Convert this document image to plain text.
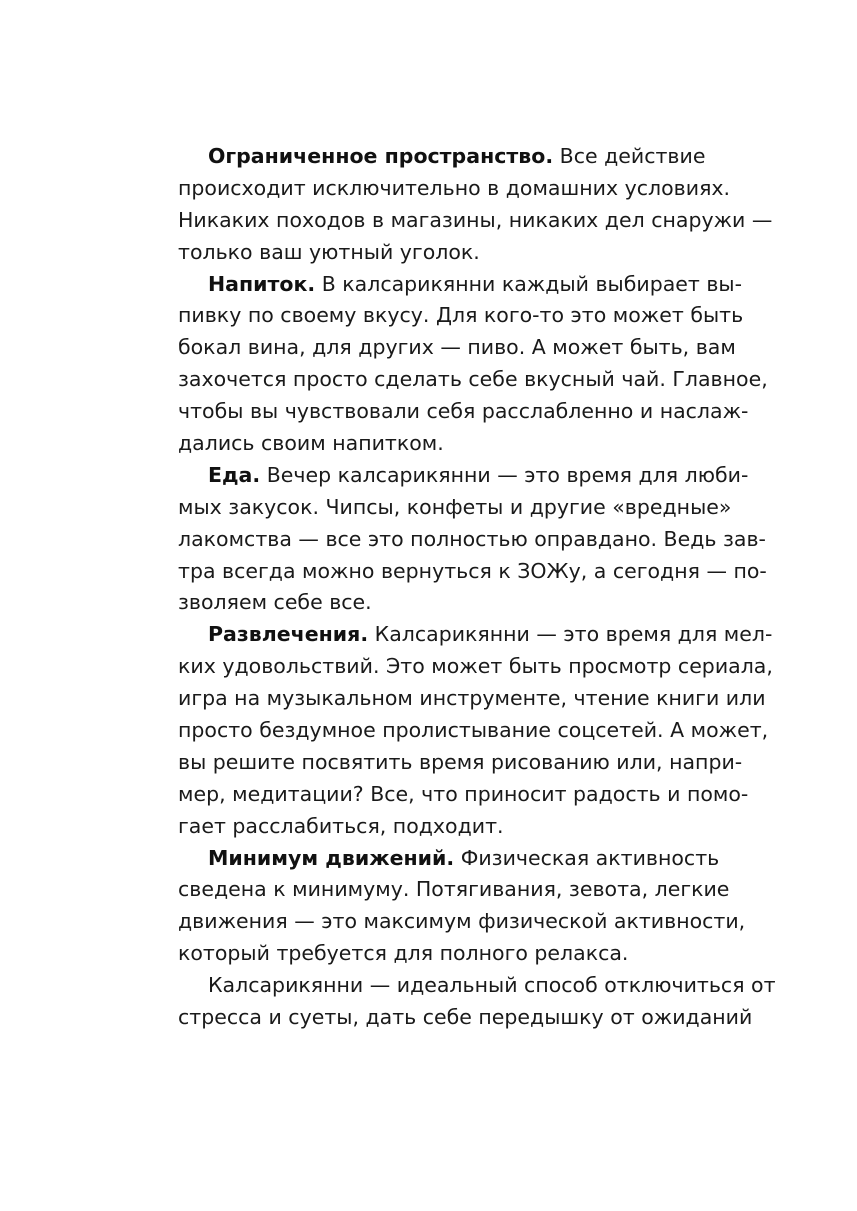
Ограниченное пространство. Все действие
происходит исключительно в домашних условиях.
Никаких походов в магазины, никаких дел снаружи —
только ваш уютный уголок.
Напиток. В калсарикянни каждый выбирает вы-
пивку по своему вкусу. Для кого-то это может быть
бокал вина, для других — пиво. А может быть, вам
захочется просто сделать себе вкусный чай. Главное,
чтобы вы чувствовали себя расслабленно и наслаж-
дались своим напитком.
Еда. Вечер калсарикянни — это время для люби-
мых закусок. Чипсы, конфеты и другие «вредные»
лакомства — все это полностью оправдано. Ведь зав-
тра всегда можно вернуться к ЗОЖу, а сегодня — по-
зволяем себе все.
Развлечения. Калсарикянни — это время для мел-
ких удовольствий. Это может быть просмотр сериала,
игра на музыкальном инструменте, чтение книги или
просто бездумное пролистывание соцсетей. А может,
вы решите посвятить время рисованию или, напри-
мер, медитации? Все, что приносит радость и помо-
гает расслабиться, подходит.
Минимум движений. Физическая активность
сведена к минимуму. Потягивания, зевота, легкие
движения — это максимум физической активности,
который требуется для полного релакса.
Калсарикянни — идеальный способ отключиться от
стресса и суеты, дать себе передышку от ожиданий
